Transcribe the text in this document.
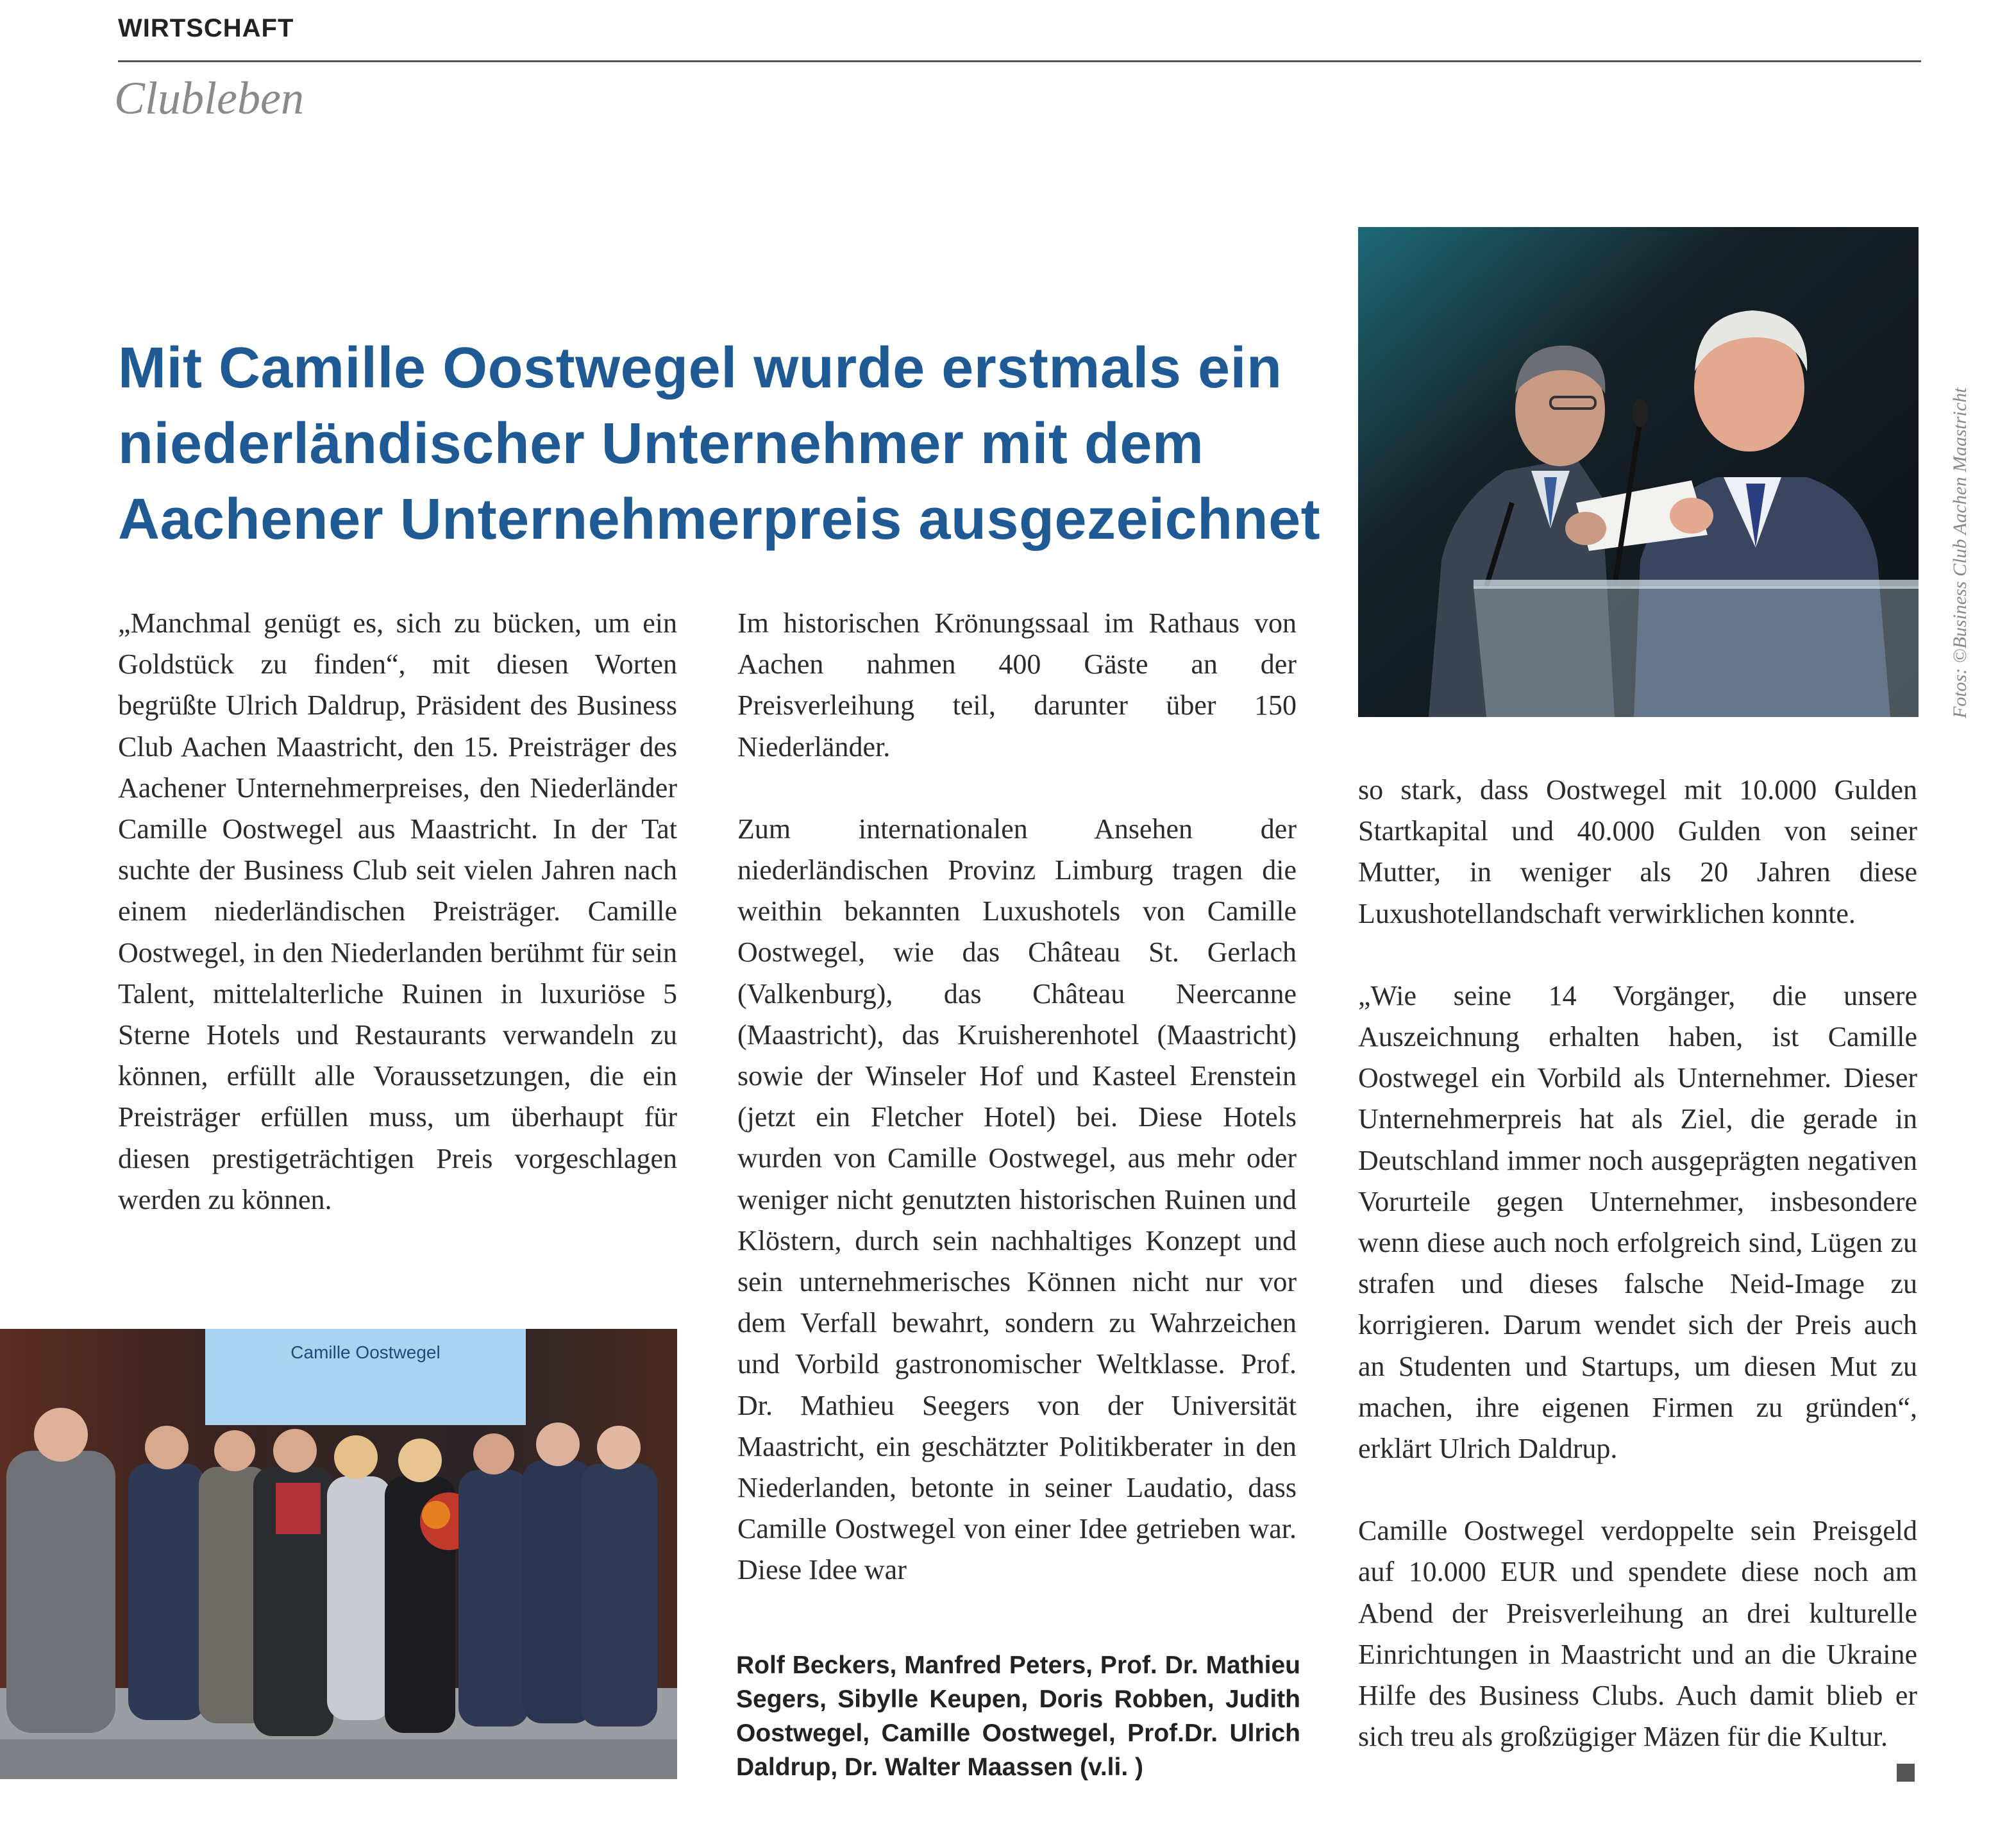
WIRTSCHAFT
Clubleben
Mit Camille Oostwegel wurde erstmals ein
niederländischer Unternehmer mit dem
Aachener Unternehmerpreis ausgezeichnet

„Manchmal genügt es, sich zu bücken, um ein Goldstück zu finden“, mit diesen Worten begrüßte Ulrich Daldrup, Präsident des Business Club Aachen Maastricht, den 15. Preisträger des Aachener Unternehmerpreises, den Niederländer Camille Oostwegel aus Maastricht. In der Tat suchte der Business Club seit vielen Jahren nach einem niederländischen Preisträger. Camille Oostwegel, in den Niederlanden berühmt für sein Talent, mittelalterliche Ruinen in luxuriöse 5 Sterne Hotels und Restaurants verwandeln zu können, erfüllt alle Voraussetzungen, die ein Preisträger erfüllen muss, um überhaupt für diesen prestigeträchtigen Preis vorgeschlagen werden zu können.

Im historischen Krönungssaal im Rathaus von Aachen nahmen 400 Gäste an der Preisverleihung teil, darunter über 150 Niederländer.

Zum internationalen Ansehen der niederländischen Provinz Limburg tragen die weithin bekannten Luxushotels von Camille Oostwegel, wie das Château St. Gerlach (Valkenburg), das Château Neercanne (Maastricht), das Kruisherenhotel (Maastricht) sowie der Winseler Hof und Kasteel Erenstein (jetzt ein Fletcher Hotel) bei. Diese Hotels wurden von Camille Oostwegel, aus mehr oder weniger nicht genutzten historischen Ruinen und Klöstern, durch sein nachhaltiges Konzept und sein unternehmerisches Können nicht nur vor dem Verfall bewahrt, sondern zu Wahrzeichen und Vorbild gastronomischer Weltklasse. Prof. Dr. Mathieu Seegers von der Universität Maastricht, ein geschätzter Politikberater in den Niederlanden, betonte in seiner Laudatio, dass Camille Oostwegel von einer Idee getrieben war. Diese Idee war

so stark, dass Oostwegel mit 10.000 Gulden Startkapital und 40.000 Gulden von seiner Mutter, in weniger als 20 Jahren diese Luxushotellandschaft verwirklichen konnte.

„Wie seine 14 Vorgänger, die unsere Auszeichnung erhalten haben, ist Camille Oostwegel ein Vorbild als Unternehmer. Dieser Unternehmerpreis hat als Ziel, die gerade in Deutschland immer noch ausgeprägten negativen Vorurteile gegen Unternehmer, insbesondere wenn diese auch noch erfolgreich sind, Lügen zu strafen und dieses falsche Neid-Image zu korrigieren. Darum wendet sich der Preis auch an Studenten und Startups, um diesen Mut zu machen, ihre eigenen Firmen zu gründen“, erklärt Ulrich Daldrup.

Camille Oostwegel verdoppelte sein Preisgeld auf 10.000 EUR und spendete diese noch am Abend der Preisverleihung an drei kulturelle Einrichtungen in Maastricht und an die Ukraine Hilfe des Business Clubs. Auch damit blieb er sich treu als großzügiger Mäzen für die Kultur.

Rolf Beckers, Manfred Peters, Prof. Dr. Mathieu Segers, Sibylle Keupen, Doris Robben, Judith Oostwegel, Camille Oostwegel, Prof.Dr. Ulrich Daldrup, Dr. Walter Maassen (v.li. )
Fotos: ©Business Club Aachen Maastricht
Camille Oostwegel
